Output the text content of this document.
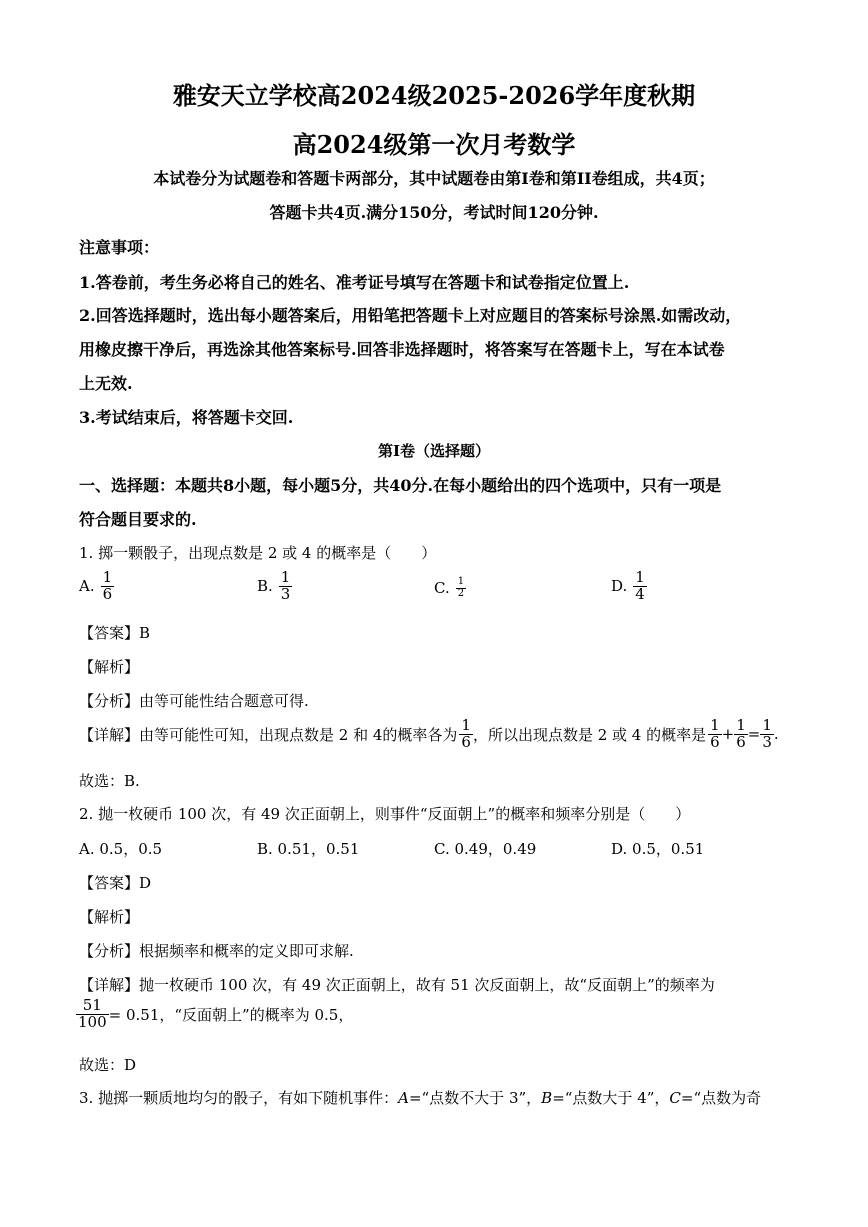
雅安天立学校高2024级2025-2026学年度秋期
高2024级第一次月考数学
本试卷分为试题卷和答题卡两部分，其中试题卷由第I卷和第II卷组成，共4页；
答题卡共4页.满分150分，考试时间120分钟.
注意事项：
1.答卷前，考生务必将自己的姓名、准考证号填写在答题卡和试卷指定位置上.
2.回答选择题时，选出每小题答案后，用铅笔把答题卡上对应题目的答案标号涂黑.如需改动，
用橡皮擦干净后，再选涂其他答案标号.回答非选择题时，将答案写在答题卡上，写在本试卷
上无效.
3.考试结束后，将答题卡交回.
第Ⅰ卷（选择题）
一、选择题：本题共8小题，每小题5分，共40分.在每小题给出的四个选项中，只有一项是
符合题目要求的.
1. 掷一颗骰子，出现点数是 2 或 4 的概率是（　　）
A. $\frac{1}{6}$	B. $\frac{1}{3}$	C. $\frac{1}{2}$	D. $\frac{1}{4}$
【答案】B
【解析】
【分析】由等可能性结合题意可得.
【详解】由等可能性可知，出现点数是 2 和 4的概率各为 $\frac{1}{6}$ ，所以出现点数是 2 或 4 的概率是 $\frac{1}{6} + \frac{1}{6} = \frac{1}{3}$ .
故选：B.
2. 抛一枚硬币 100 次，有 49 次正面朝上，则事件“反面朝上”的概率和频率分别是（　　）
A. 0.5，0.5	B. 0.51，0.51	C. 0.49，0.49	D. 0.5，0.51
【答案】D
【解析】
【分析】根据频率和概率的定义即可求解.
【详解】抛一枚硬币 100 次，有 49 次正面朝上，故有 51 次反面朝上，故“反面朝上”的频率为
$\frac{51}{100} = 0.51$，“反面朝上”的概率为 0.5，
故选：D
3. 抛掷一颗质地均匀的骰子，有如下随机事件：A=“点数不大于 3”，B=“点数大于 4”，C=“点数为奇
